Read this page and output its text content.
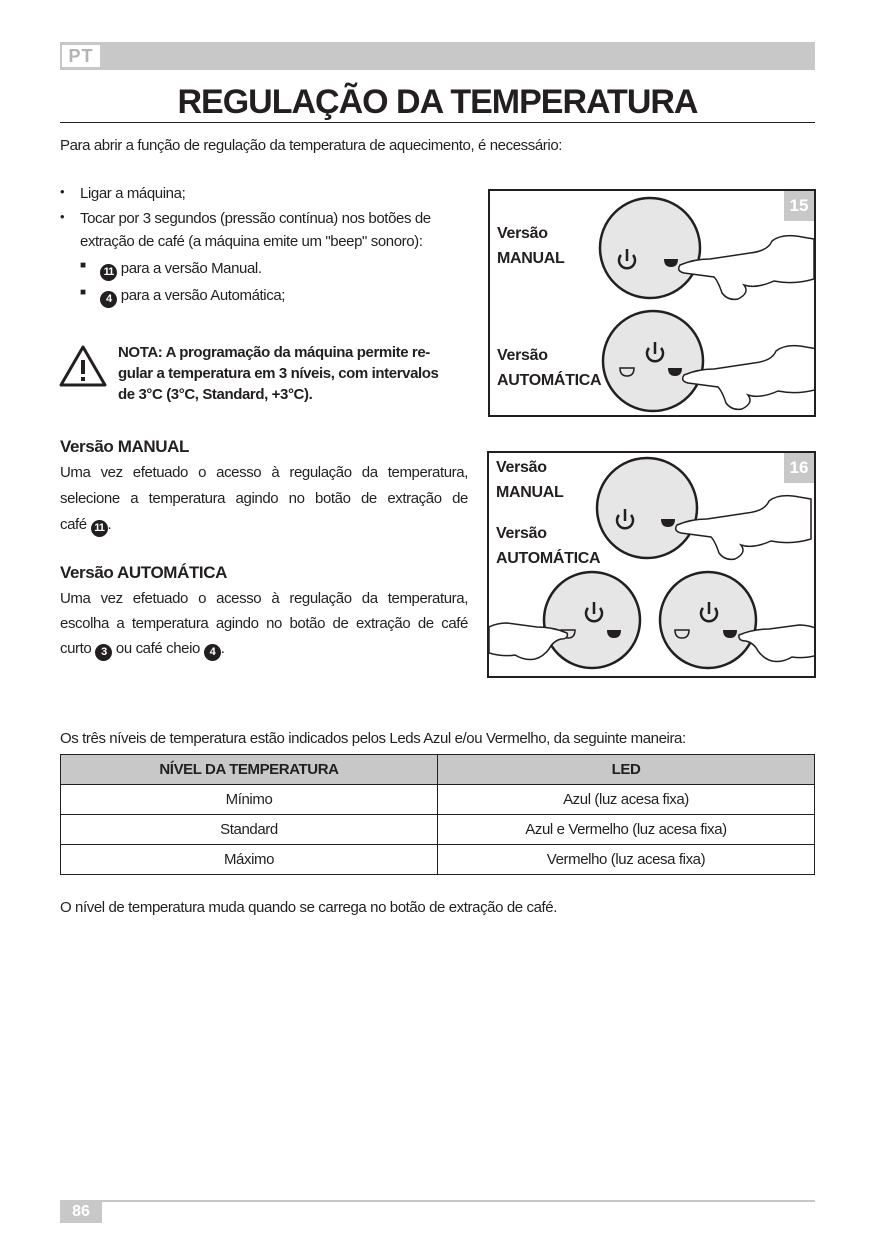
PT
REGULAÇÃO DA TEMPERATURA
Para abrir a função de regulação da temperatura de aquecimento, é necessário:
• Ligar a máquina;
• Tocar por 3 segundos (pressão contínua) nos botões de
extração de café (a máquina emite um "beep" sonoro):
■
11 para a versão Manual.
■
4 para a versão Automática;
NOTA: A programação da máquina permite re-
gular a temperatura em 3 níveis, com intervalos
de 3°C (3°C, Standard, +3°C).
Versão MANUAL
Uma vez efetuado o acesso à regulação da temperatura,
selecione a temperatura agindo no botão de extração de
café 11 .
Versão AUTOMÁTICA
Uma vez efetuado o acesso à regulação da temperatura,
escolha a temperatura agindo no botão de extração de café
curto 3 ou café cheio 4 .
15
Versão
MANUAL
Versão
AUTOMÁTICA
16
Versão
MANUAL
Versão
AUTOMÁTICA
Os três níveis de temperatura estão indicados pelos Leds Azul e/ou Vermelho, da seguinte maneira:
NÍVEL DA TEMPERATURA	LED
Mínimo	Azul (luz acesa fixa)
Standard	Azul e Vermelho (luz acesa fixa)
Máximo	Vermelho (luz acesa fixa)
O nível de temperatura muda quando se carrega no botão de extração de café.
86
